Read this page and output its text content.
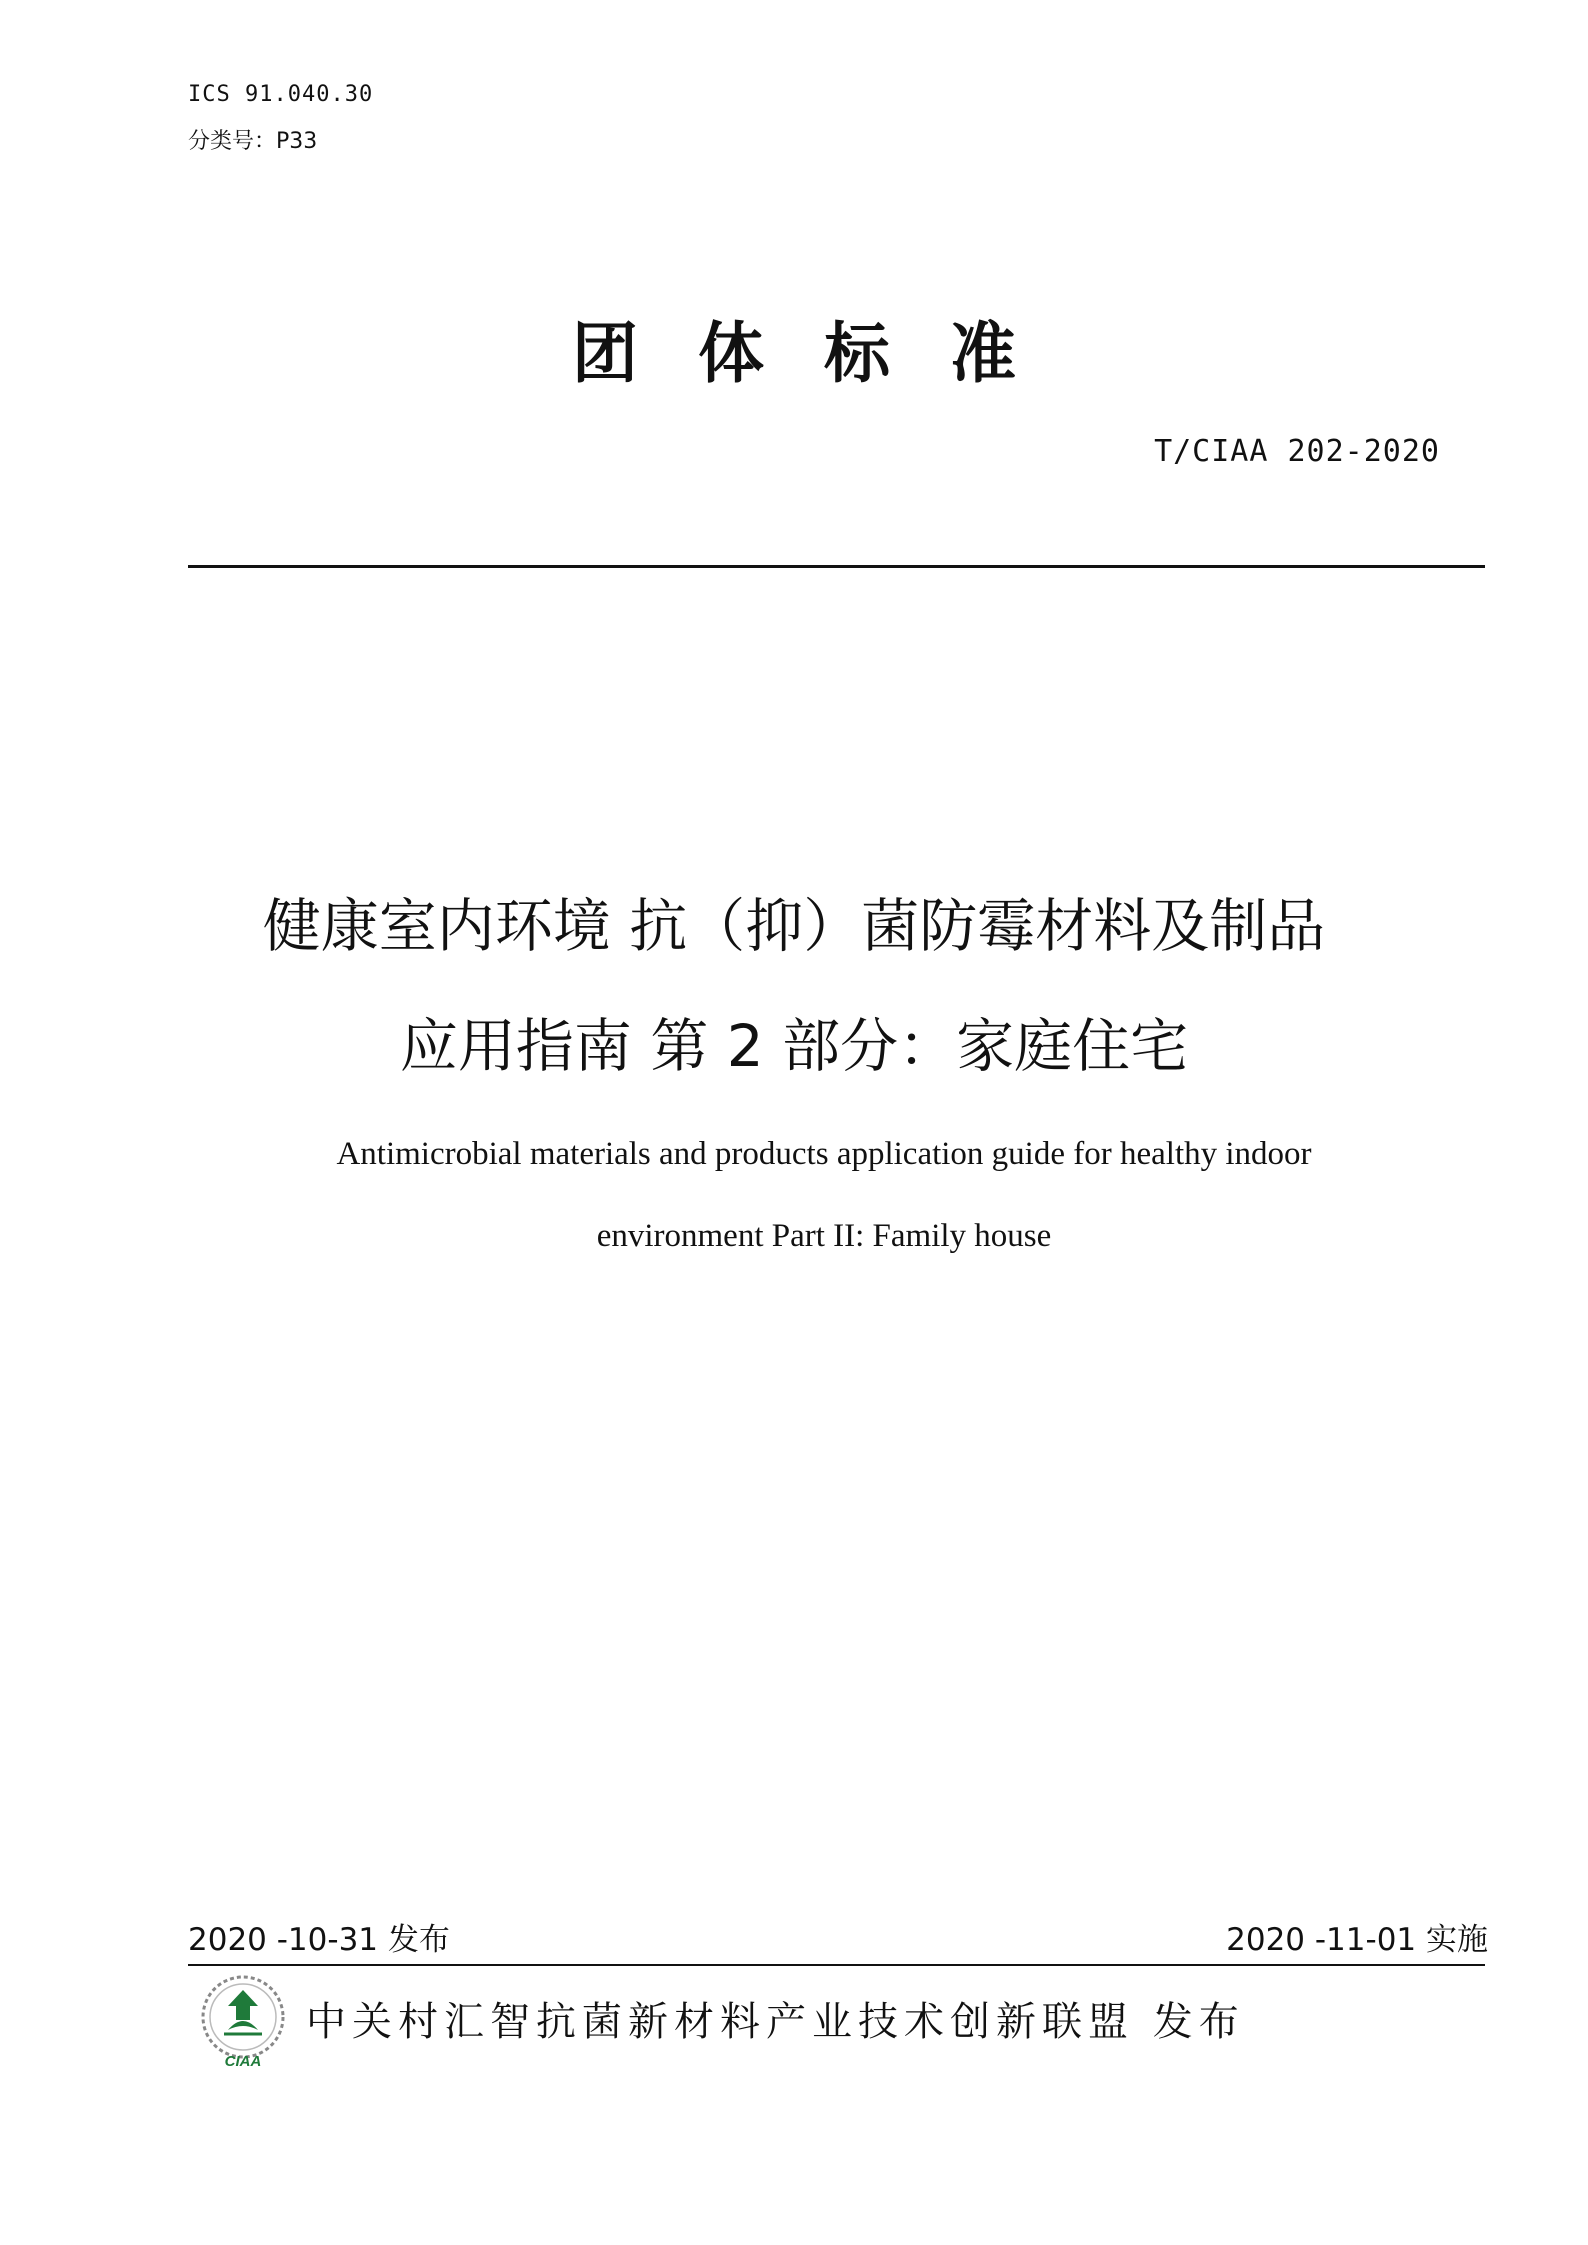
ICS 91.040.30
分类号：P33
团体标准
T/CIAA 202-2020
健康室内环境 抗（抑）菌防霉材料及制品
应用指南 第 2 部分：家庭住宅
Antimicrobial materials and products application guide for healthy indoor
environment Part II: Family house
2020 -10-31 发布	2020 -11-01 实施
CIAA
中关村汇智抗菌新材料产业技术创新联盟 发布
